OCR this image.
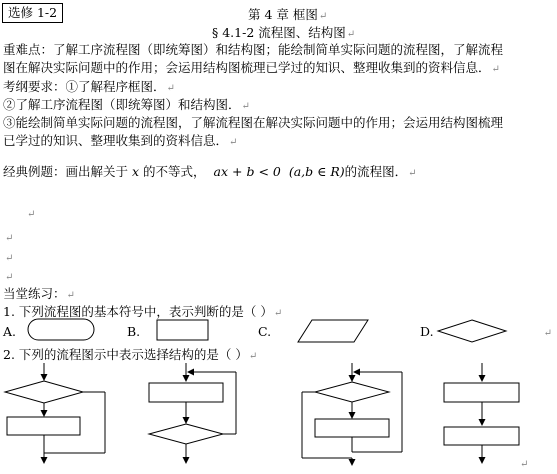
选修 1-2	第 4 章 框图↵
§ 4.1-2 流程图、结构图↵
重难点：了解工序流程图（即统筹图）和结构图；能绘制简单实际问题的流程图，了解流程
图在解决实际问题中的作用；会运用结构图梳理已学过的知识、整理收集到的资料信息．↵
考纲要求：①了解程序框图．↵
②了解工序流程图（即统筹图）和结构图．↵
③能绘制简单实际问题的流程图，了解流程图在解决实际问题中的作用；会运用结构图梳理
已学过的知识、整理收集到的资料信息．↵
经典例题：画出解关于 x 的不等式， ax + b < 0 (a,b ∈ R)的流程图．↵
↵
↵
↵
↵
当堂练习：↵
1. 下列流程图的基本符号中，表示判断的是（ ）↵
A.	B.	C.	D.	↵
2. 下列的流程图示中表示选择结构的是（ ）↵
↵
